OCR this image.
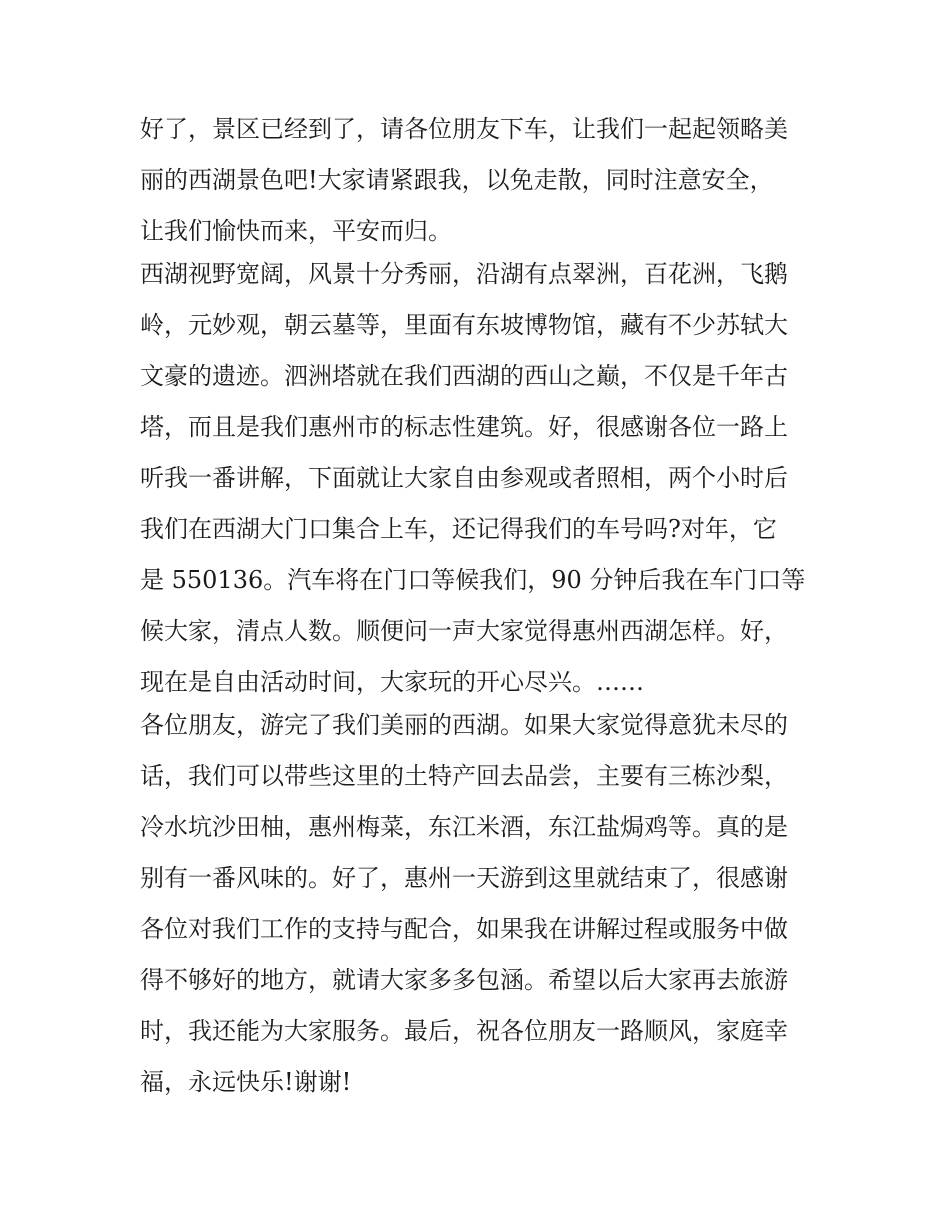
好了，景区已经到了，请各位朋友下车，让我们一起起领略美
丽的西湖景色吧!大家请紧跟我，以免走散，同时注意安全，
让我们愉快而来，平安而归。
西湖视野宽阔，风景十分秀丽，沿湖有点翠洲，百花洲，飞鹅
岭，元妙观，朝云墓等，里面有东坡博物馆，藏有不少苏轼大
文豪的遗迹。泗洲塔就在我们西湖的西山之巅，不仅是千年古
塔，而且是我们惠州市的标志性建筑。好，很感谢各位一路上
听我一番讲解，下面就让大家自由参观或者照相，两个小时后
我们在西湖大门口集合上车，还记得我们的车号吗?对年，它
是 550136。汽车将在门口等候我们，90 分钟后我在车门口等
候大家，清点人数。顺便问一声大家觉得惠州西湖怎样。好，
现在是自由活动时间，大家玩的开心尽兴。……
各位朋友，游完了我们美丽的西湖。如果大家觉得意犹未尽的
话，我们可以带些这里的土特产回去品尝，主要有三栋沙梨，
冷水坑沙田柚，惠州梅菜，东江米酒，东江盐焗鸡等。真的是
别有一番风味的。好了，惠州一天游到这里就结束了，很感谢
各位对我们工作的支持与配合，如果我在讲解过程或服务中做
得不够好的地方，就请大家多多包涵。希望以后大家再去旅游
时，我还能为大家服务。最后，祝各位朋友一路顺风，家庭幸
福，永远快乐!谢谢!
